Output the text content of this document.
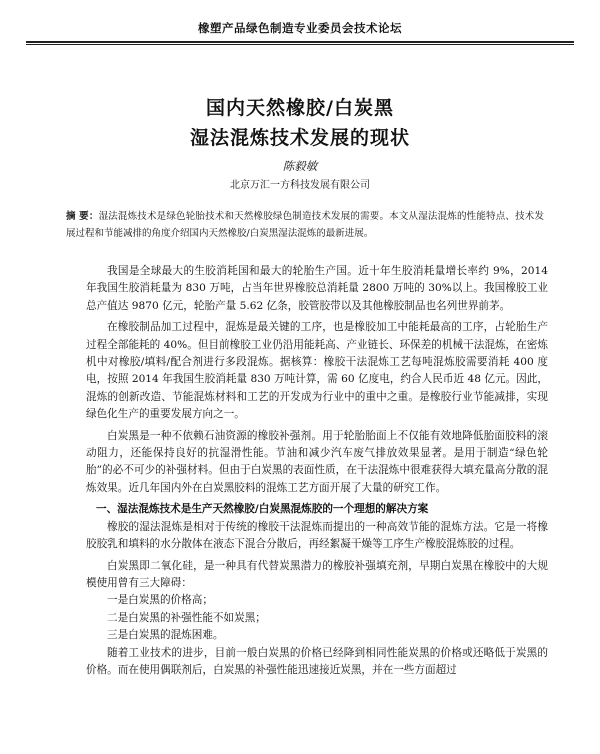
橡塑产品绿色制造专业委员会技术论坛
国内天然橡胶/白炭黑
湿法混炼技术发展的现状
陈毅敏
北京万汇一方科技发展有限公司
摘 要：湿法混炼技术是绿色轮胎技术和天然橡胶绿色制造技术发展的需要。本文从湿法混炼的性能特点、技术发展过程和节能减排的角度介绍国内天然橡胶/白炭黑湿法混炼的最新进展。

我国是全球最大的生胶消耗国和最大的轮胎生产国。近十年生胶消耗量增长率约 9%，2014 年我国生胶消耗量为 830 万吨，占当年世界橡胶总消耗量 2800 万吨的 30%以上。我国橡胶工业总产值达 9870 亿元，轮胎产量 5.62 亿条，胶管胶带以及其他橡胶制品也名列世界前茅。

在橡胶制品加工过程中，混炼是最关键的工序，也是橡胶加工中能耗最高的工序，占轮胎生产过程全部能耗的 40%。但目前橡胶工业仍沿用能耗高、产业链长、环保差的机械干法混炼，在密炼机中对橡胶/填料/配合剂进行多段混炼。据核算：橡胶干法混炼工艺每吨混炼胶需要消耗 400 度电，按照 2014 年我国生胶消耗量 830 万吨计算，需 60 亿度电，约合人民币近 48 亿元。因此，混炼的创新改造、节能混炼材料和工艺的开发成为行业中的重中之重。是橡胶行业节能减排，实现绿色化生产的重要发展方向之一。

白炭黑是一种不依赖石油资源的橡胶补强剂。用于轮胎胎面上不仅能有效地降低胎面胶料的滚动阻力，还能保持良好的抗湿滑性能。节油和减少汽车废气排放效果显著。是用于制造“绿色轮胎”的必不可少的补强材料。但由于白炭黑的表面性质，在干法混炼中很难获得大填充量高分散的混炼效果。近几年国内外在白炭黑胶料的混炼工艺方面开展了大量的研究工作。

一、湿法混炼技术是生产天然橡胶/白炭黑混炼胶的一个理想的解决方案

橡胶的湿法混炼是相对于传统的橡胶干法混炼而提出的一种高效节能的混炼方法。它是一将橡胶胶乳和填料的水分散体在液态下混合分散后，再经絮凝干燥等工序生产橡胶混炼胶的过程。

白炭黑即二氧化硅，是一种具有代替炭黑潜力的橡胶补强填充剂，早期白炭黑在橡胶中的大规模使用曾有三大障碍：

一是白炭黑的价格高；

二是白炭黑的补强性能不如炭黑；

三是白炭黑的混炼困难。

随着工业技术的进步，目前一般白炭黑的价格已经降到相同性能炭黑的价格或还略低于炭黑的价格。而在使用偶联剂后，白炭黑的补强性能迅速接近炭黑，并在一些方面超过
